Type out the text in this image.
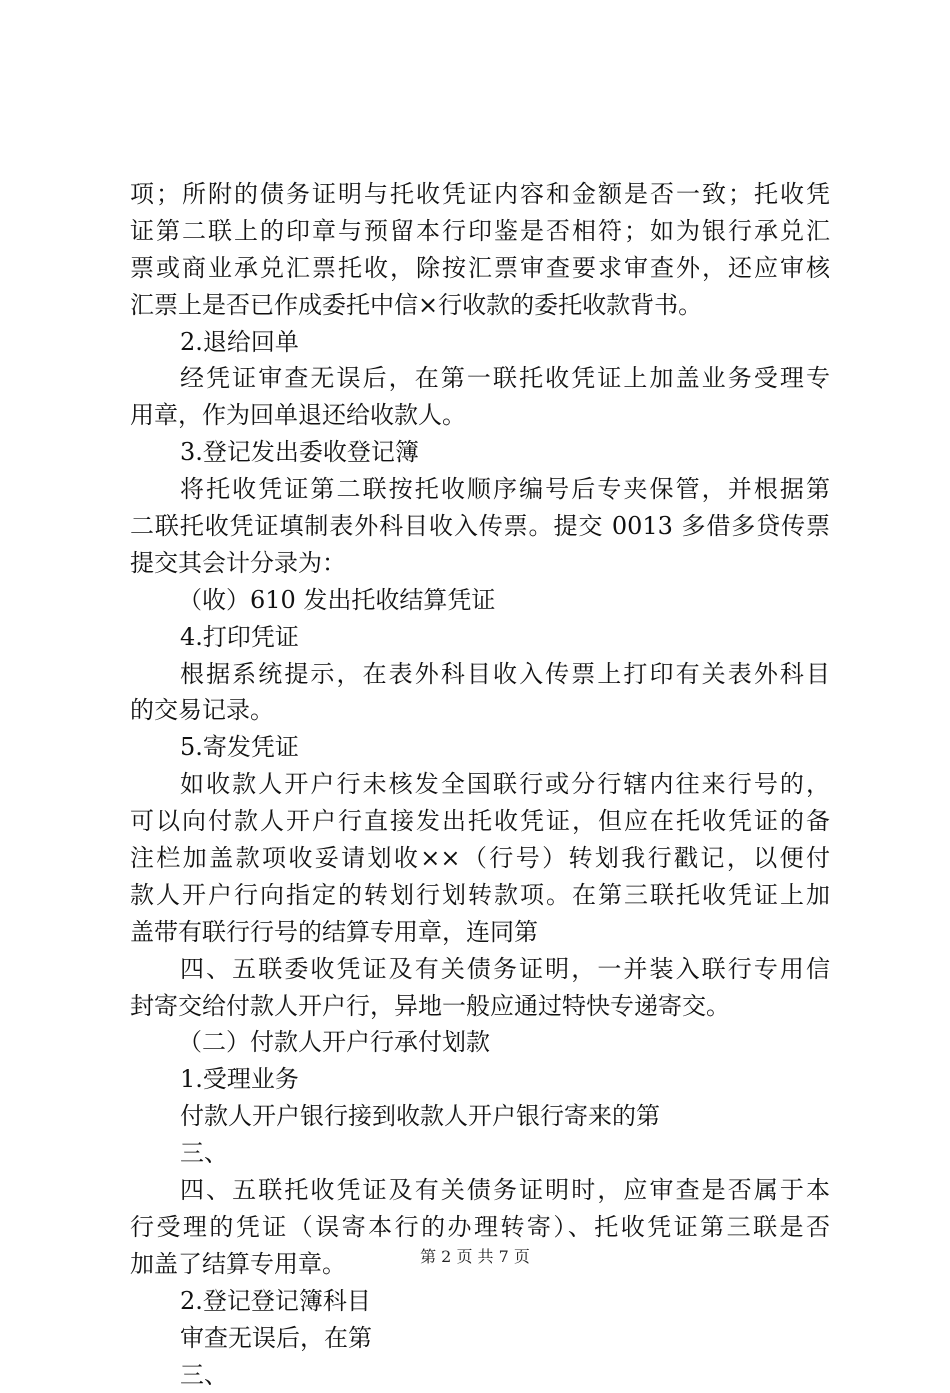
项；所附的债务证明与托收凭证内容和金额是否一致；托收凭
证第二联上的印章与预留本行印鉴是否相符；如为银行承兑汇
票或商业承兑汇票托收，除按汇票审查要求审查外，还应审核
汇票上是否已作成委托中信×行收款的委托收款背书。
2.退给回单
经凭证审查无误后，在第一联托收凭证上加盖业务受理专
用章，作为回单退还给收款人。
3.登记发出委收登记簿
将托收凭证第二联按托收顺序编号后专夹保管，并根据第
二联托收凭证填制表外科目收入传票。提交 0013 多借多贷传票
提交其会计分录为：
（收）610 发出托收结算凭证
4.打印凭证
根据系统提示，在表外科目收入传票上打印有关表外科目
的交易记录。
5.寄发凭证
如收款人开户行未核发全国联行或分行辖内往来行号的，
可以向付款人开户行直接发出托收凭证，但应在托收凭证的备
注栏加盖款项收妥请划收××（行号）转划我行戳记，以便付
款人开户行向指定的转划行划转款项。在第三联托收凭证上加
盖带有联行行号的结算专用章，连同第
四、五联委收凭证及有关债务证明，一并装入联行专用信
封寄交给付款人开户行，异地一般应通过特快专递寄交。
（二）付款人开户行承付划款
1.受理业务
付款人开户银行接到收款人开户银行寄来的第
三、
四、五联托收凭证及有关债务证明时，应审查是否属于本
行受理的凭证（误寄本行的办理转寄）、托收凭证第三联是否
加盖了结算专用章。
2.登记登记簿科目
审查无误后，在第
三、
第 2 页 共 7 页
